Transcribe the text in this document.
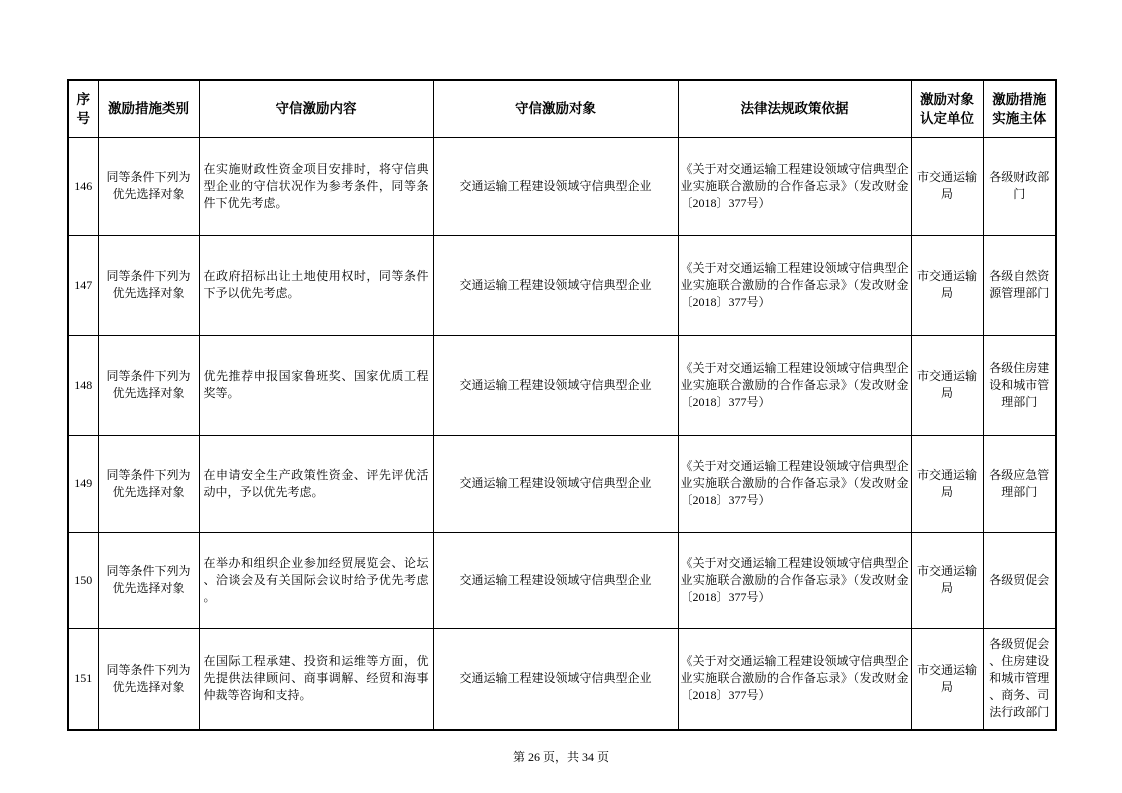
序号	激励措施类别	守信激励内容	守信激励对象	法律法规政策依据	激励对象认定单位	激励措施实施主体
146	同等条件下列为优先选择对象	在实施财政性资金项目安排时，将守信典型企业的守信状况作为参考条件，同等条件下优先考虑。	交通运输工程建设领域守信典型企业	《关于对交通运输工程建设领域守信典型企业实施联合激励的合作备忘录》（发改财金〔2018〕377号）	市交通运输局	各级财政部门
147	同等条件下列为优先选择对象	在政府招标出让土地使用权时，同等条件下予以优先考虑。	交通运输工程建设领域守信典型企业	《关于对交通运输工程建设领域守信典型企业实施联合激励的合作备忘录》（发改财金〔2018〕377号）	市交通运输局	各级自然资源管理部门
148	同等条件下列为优先选择对象	优先推荐申报国家鲁班奖、国家优质工程奖等。	交通运输工程建设领域守信典型企业	《关于对交通运输工程建设领域守信典型企业实施联合激励的合作备忘录》（发改财金〔2018〕377号）	市交通运输局	各级住房建设和城市管理部门
149	同等条件下列为优先选择对象	在申请安全生产政策性资金、评先评优活动中，予以优先考虑。	交通运输工程建设领域守信典型企业	《关于对交通运输工程建设领域守信典型企业实施联合激励的合作备忘录》（发改财金〔2018〕377号）	市交通运输局	各级应急管理部门
150	同等条件下列为优先选择对象	在举办和组织企业参加经贸展览会、论坛、洽谈会及有关国际会议时给予优先考虑。	交通运输工程建设领域守信典型企业	《关于对交通运输工程建设领域守信典型企业实施联合激励的合作备忘录》（发改财金〔2018〕377号）	市交通运输局	各级贸促会
151	同等条件下列为优先选择对象	在国际工程承建、投资和运维等方面，优先提供法律顾问、商事调解、经贸和海事仲裁等咨询和支持。	交通运输工程建设领域守信典型企业	《关于对交通运输工程建设领域守信典型企业实施联合激励的合作备忘录》（发改财金〔2018〕377号）	市交通运输局	各级贸促会、住房建设和城市管理、商务、司法行政部门
第 26 页，共 34 页
